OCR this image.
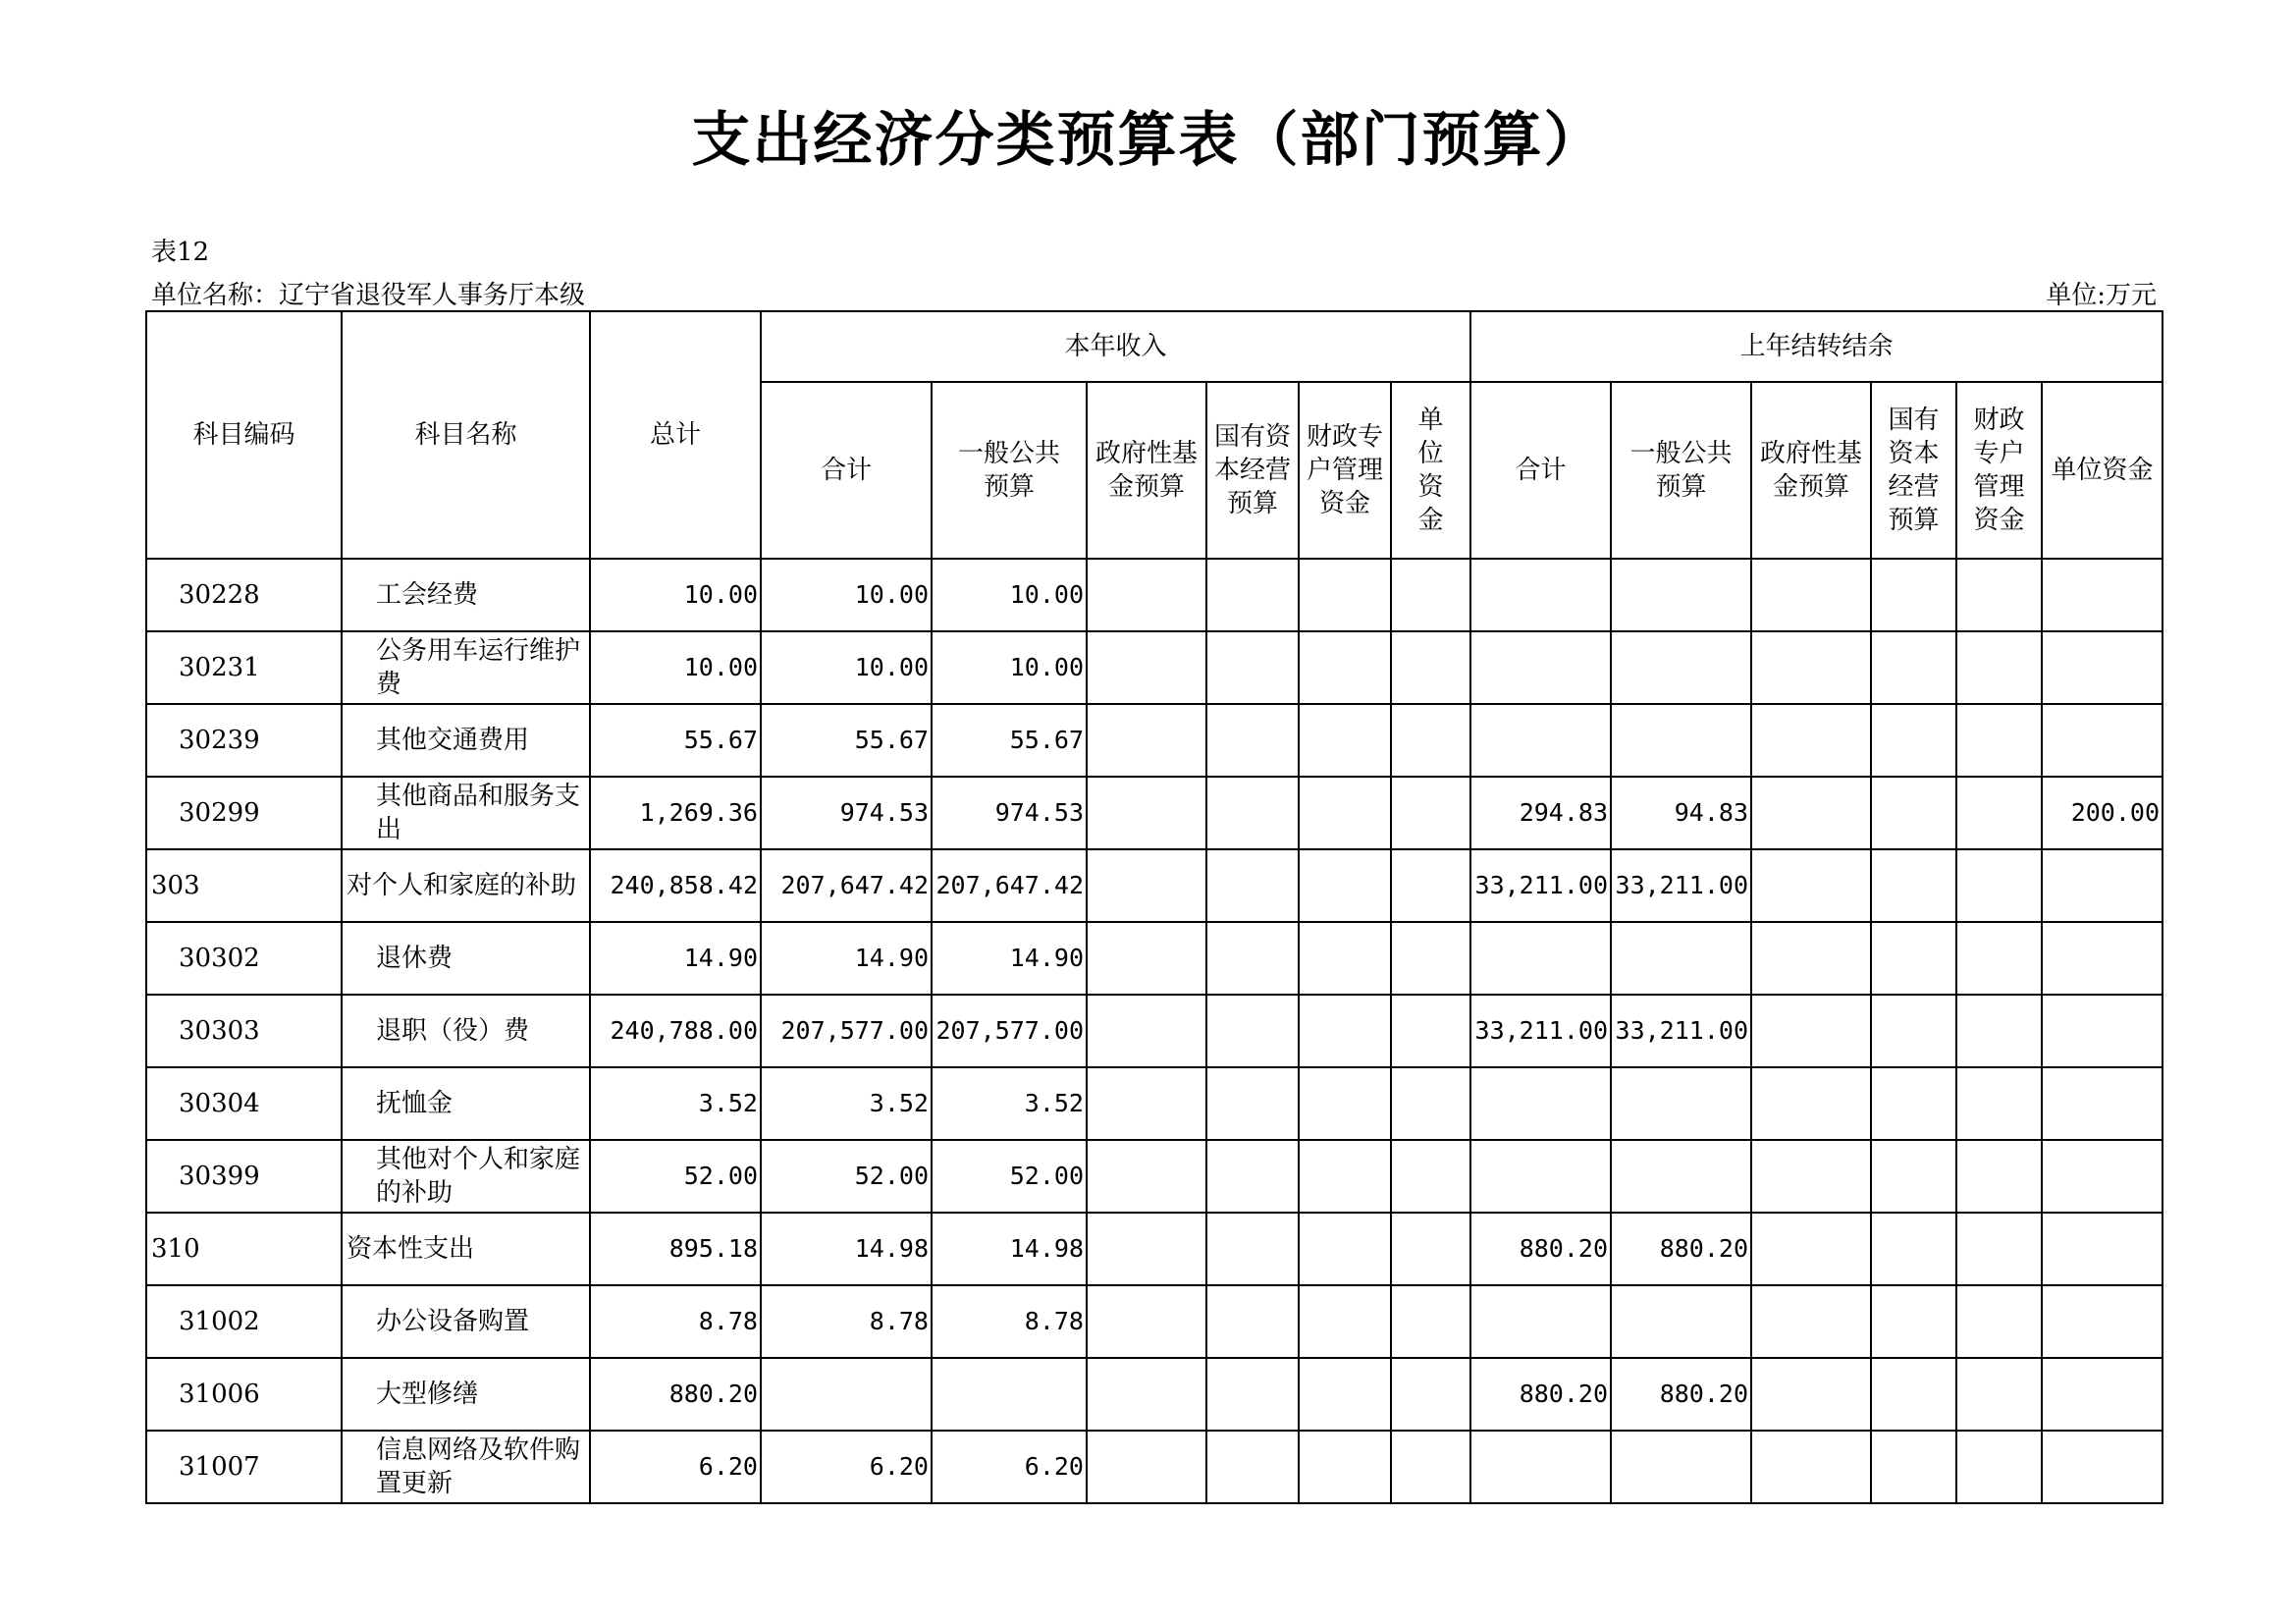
支出经济分类预算表（部门预算）
表12
单位名称：辽宁省退役军人事务厅本级	单位:万元
科目编码	科目名称	总计	本年收入						上年结转结余					
			合计	一般公共预算	政府性基金预算	国有资本经营预算	财政专户管理资金	单位资金	合计	一般公共预算	政府性基金预算	国有资本经营预算	财政专户管理资金	单位资金
30228	工会经费	10.00	10.00	10.00										
30231	公务用车运行维护费	10.00	10.00	10.00										
30239	其他交通费用	55.67	55.67	55.67										
30299	其他商品和服务支出	1,269.36	974.53	974.53					294.83	94.83				200.00
303	对个人和家庭的补助	240,858.42	207,647.42	207,647.42					33,211.00	33,211.00				
30302	退休费	14.90	14.90	14.90										
30303	退职（役）费	240,788.00	207,577.00	207,577.00					33,211.00	33,211.00				
30304	抚恤金	3.52	3.52	3.52										
30399	其他对个人和家庭的补助	52.00	52.00	52.00										
310	资本性支出	895.18	14.98	14.98					880.20	880.20				
31002	办公设备购置	8.78	8.78	8.78										
31006	大型修缮	880.20							880.20	880.20				
31007	信息网络及软件购置更新	6.20	6.20	6.20										
